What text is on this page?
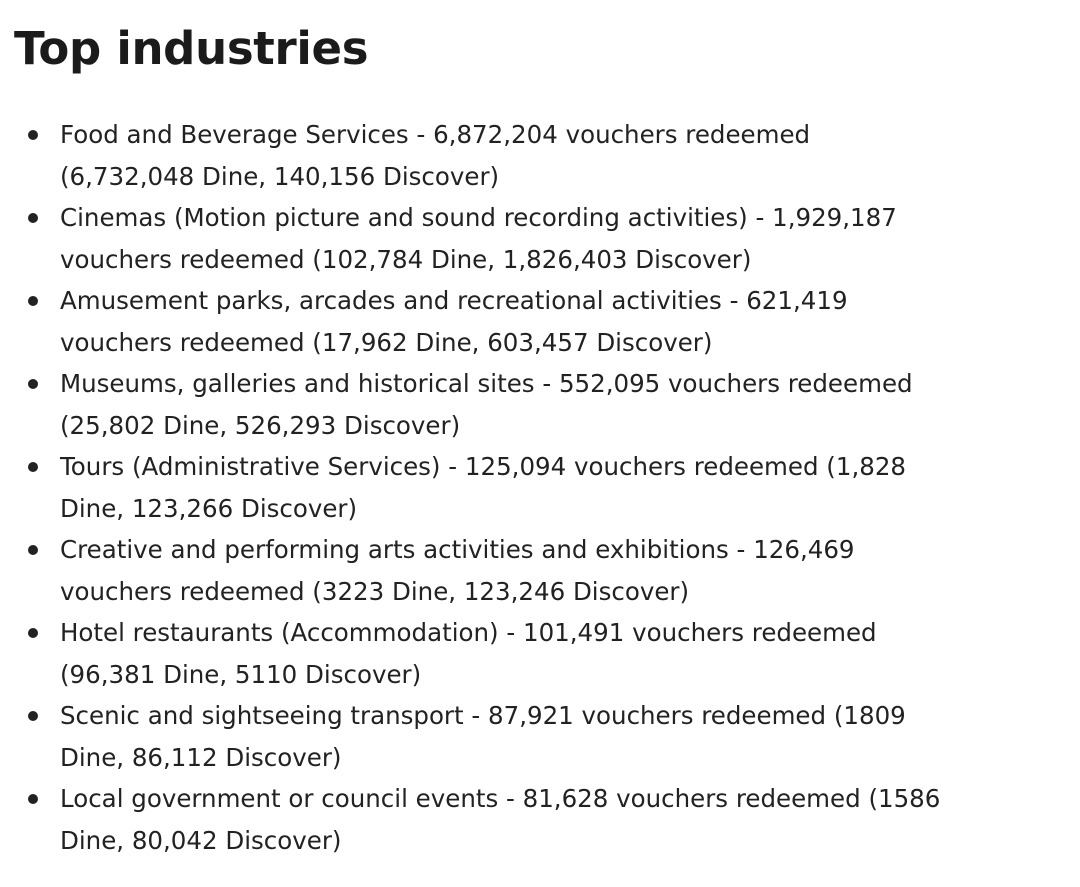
Top industries
Food and Beverage Services - 6,872,204 vouchers redeemed
(6,732,048 Dine, 140,156 Discover)
Cinemas (Motion picture and sound recording activities) - 1,929,187
vouchers redeemed (102,784 Dine, 1,826,403 Discover)
Amusement parks, arcades and recreational activities - 621,419
vouchers redeemed (17,962 Dine, 603,457 Discover)
Museums, galleries and historical sites - 552,095 vouchers redeemed
(25,802 Dine, 526,293 Discover)
Tours (Administrative Services) - 125,094 vouchers redeemed (1,828
Dine, 123,266 Discover)
Creative and performing arts activities and exhibitions - 126,469
vouchers redeemed (3223 Dine, 123,246 Discover)
Hotel restaurants (Accommodation) - 101,491 vouchers redeemed
(96,381 Dine, 5110 Discover)
Scenic and sightseeing transport - 87,921 vouchers redeemed (1809
Dine, 86,112 Discover)
Local government or council events - 81,628 vouchers redeemed (1586
Dine, 80,042 Discover)
